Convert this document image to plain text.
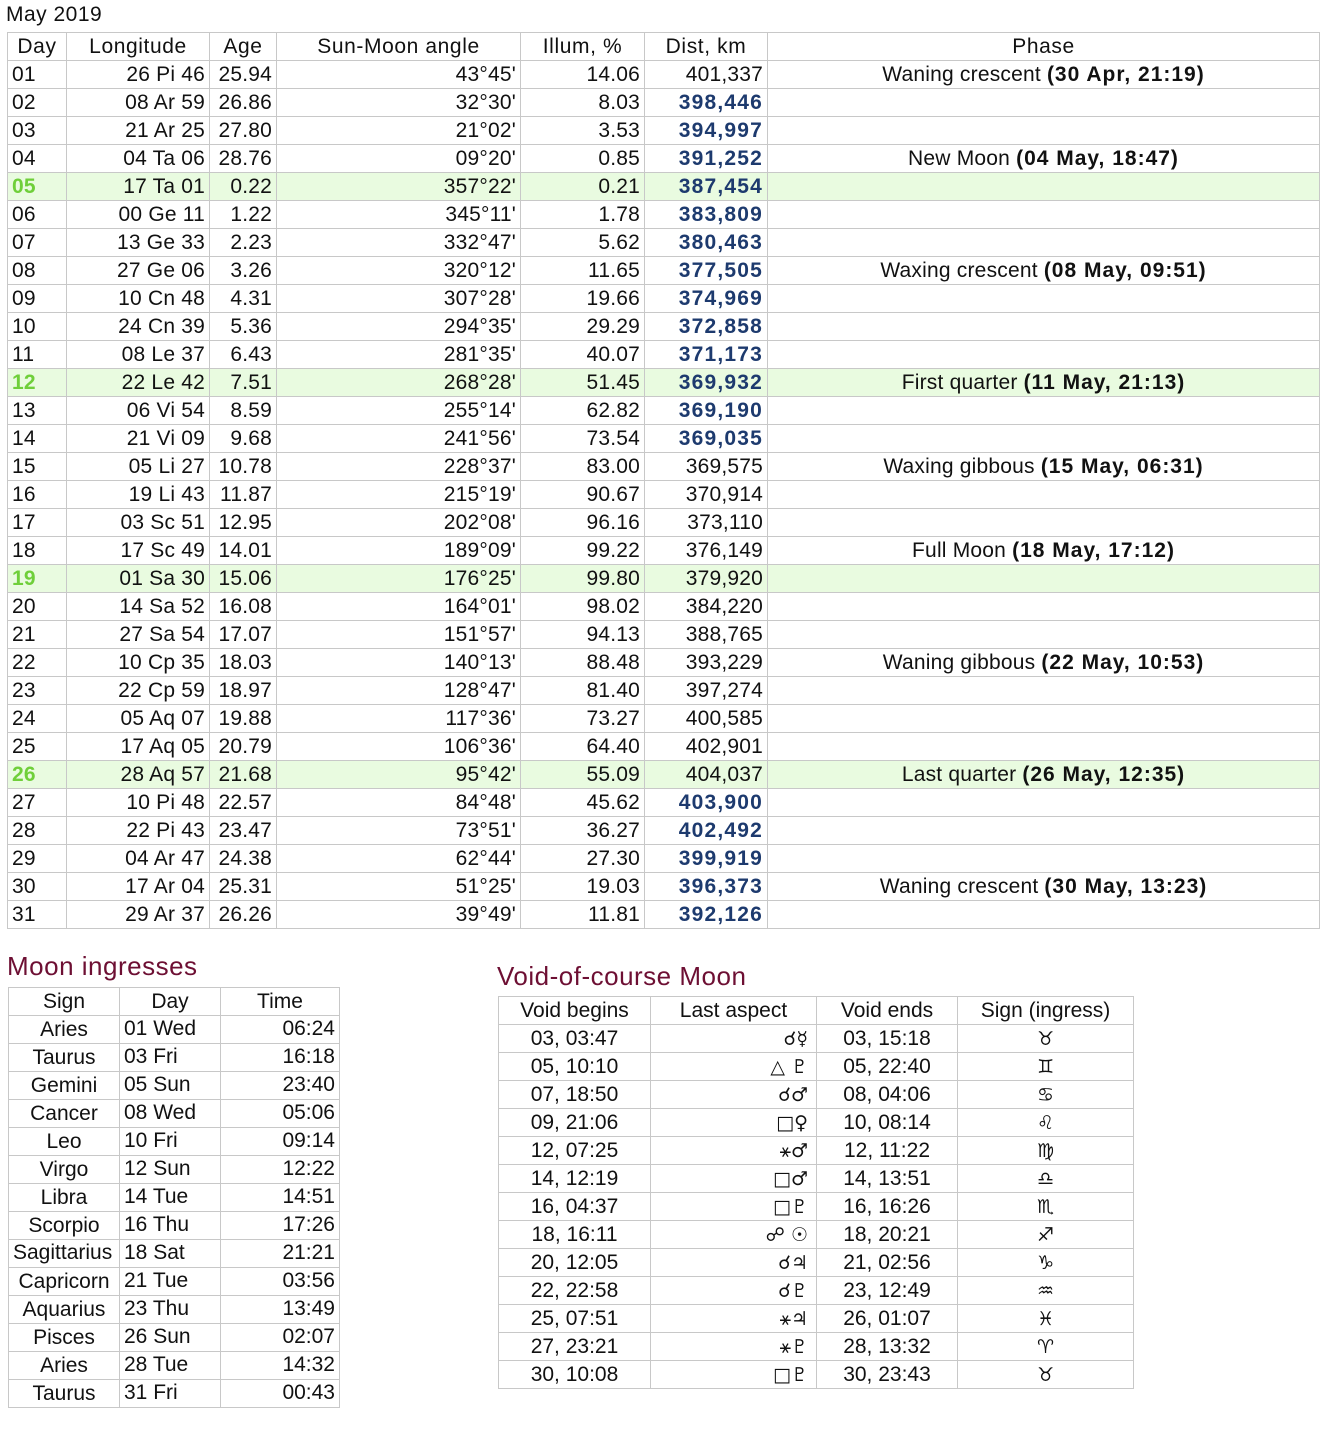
May 2019
Day	Longitude	Age	Sun-Moon angle	Illum, %	Dist, km	Phase
01	26 Pi 46	25.94	43°45'	14.06	401,337	Waning crescent (30 Apr, 21:19)
02	08 Ar 59	26.86	32°30'	8.03	398,446	
03	21 Ar 25	27.80	21°02'	3.53	394,997	
04	04 Ta 06	28.76	09°20'	0.85	391,252	New Moon (04 May, 18:47)
05	17 Ta 01	0.22	357°22'	0.21	387,454	
06	00 Ge 11	1.22	345°11'	1.78	383,809	
07	13 Ge 33	2.23	332°47'	5.62	380,463	
08	27 Ge 06	3.26	320°12'	11.65	377,505	Waxing crescent (08 May, 09:51)
09	10 Cn 48	4.31	307°28'	19.66	374,969	
10	24 Cn 39	5.36	294°35'	29.29	372,858	
11	08 Le 37	6.43	281°35'	40.07	371,173	
12	22 Le 42	7.51	268°28'	51.45	369,932	First quarter (11 May, 21:13)
13	06 Vi 54	8.59	255°14'	62.82	369,190	
14	21 Vi 09	9.68	241°56'	73.54	369,035	
15	05 Li 27	10.78	228°37'	83.00	369,575	Waxing gibbous (15 May, 06:31)
16	19 Li 43	11.87	215°19'	90.67	370,914	
17	03 Sc 51	12.95	202°08'	96.16	373,110	
18	17 Sc 49	14.01	189°09'	99.22	376,149	Full Moon (18 May, 17:12)
19	01 Sa 30	15.06	176°25'	99.80	379,920	
20	14 Sa 52	16.08	164°01'	98.02	384,220	
21	27 Sa 54	17.07	151°57'	94.13	388,765	
22	10 Cp 35	18.03	140°13'	88.48	393,229	Waning gibbous (22 May, 10:53)
23	22 Cp 59	18.97	128°47'	81.40	397,274	
24	05 Aq 07	19.88	117°36'	73.27	400,585	
25	17 Aq 05	20.79	106°36'	64.40	402,901	
26	28 Aq 57	21.68	95°42'	55.09	404,037	Last quarter (26 May, 12:35)
27	10 Pi 48	22.57	84°48'	45.62	403,900	
28	22 Pi 43	23.47	73°51'	36.27	402,492	
29	04 Ar 47	24.38	62°44'	27.30	399,919	
30	17 Ar 04	25.31	51°25'	19.03	396,373	Waning crescent (30 May, 13:23)
31	29 Ar 37	26.26	39°49'	11.81	392,126	
Moon ingresses
Sign	Day	Time
Aries	01 Wed	06:24
Taurus	03 Fri	16:18
Gemini	05 Sun	23:40
Cancer	08 Wed	05:06
Leo	10 Fri	09:14
Virgo	12 Sun	12:22
Libra	14 Tue	14:51
Scorpio	16 Thu	17:26
Sagittarius	18 Sat	21:21
Capricorn	21 Tue	03:56
Aquarius	23 Thu	13:49
Pisces	26 Sun	02:07
Aries	28 Tue	14:32
Taurus	31 Fri	00:43
Void-of-course Moon
Void begins	Last aspect	Void ends	Sign (ingress)
03, 03:47	☌☿	03, 15:18	♉
05, 10:10	△ ♇	05, 22:40	♊
07, 18:50	☌♂	08, 04:06	♋
09, 21:06	□♀	10, 08:14	♌
12, 07:25	⚹♂	12, 11:22	♍
14, 12:19	□♂	14, 13:51	♎
16, 04:37	□♇	16, 16:26	♏
18, 16:11	☍ ☉	18, 20:21	♐
20, 12:05	☌♃	21, 02:56	♑
22, 22:58	☌♇	23, 12:49	♒
25, 07:51	⚹♃	26, 01:07	♓
27, 23:21	⚹♇	28, 13:32	♈
30, 10:08	□♇	30, 23:43	♉
